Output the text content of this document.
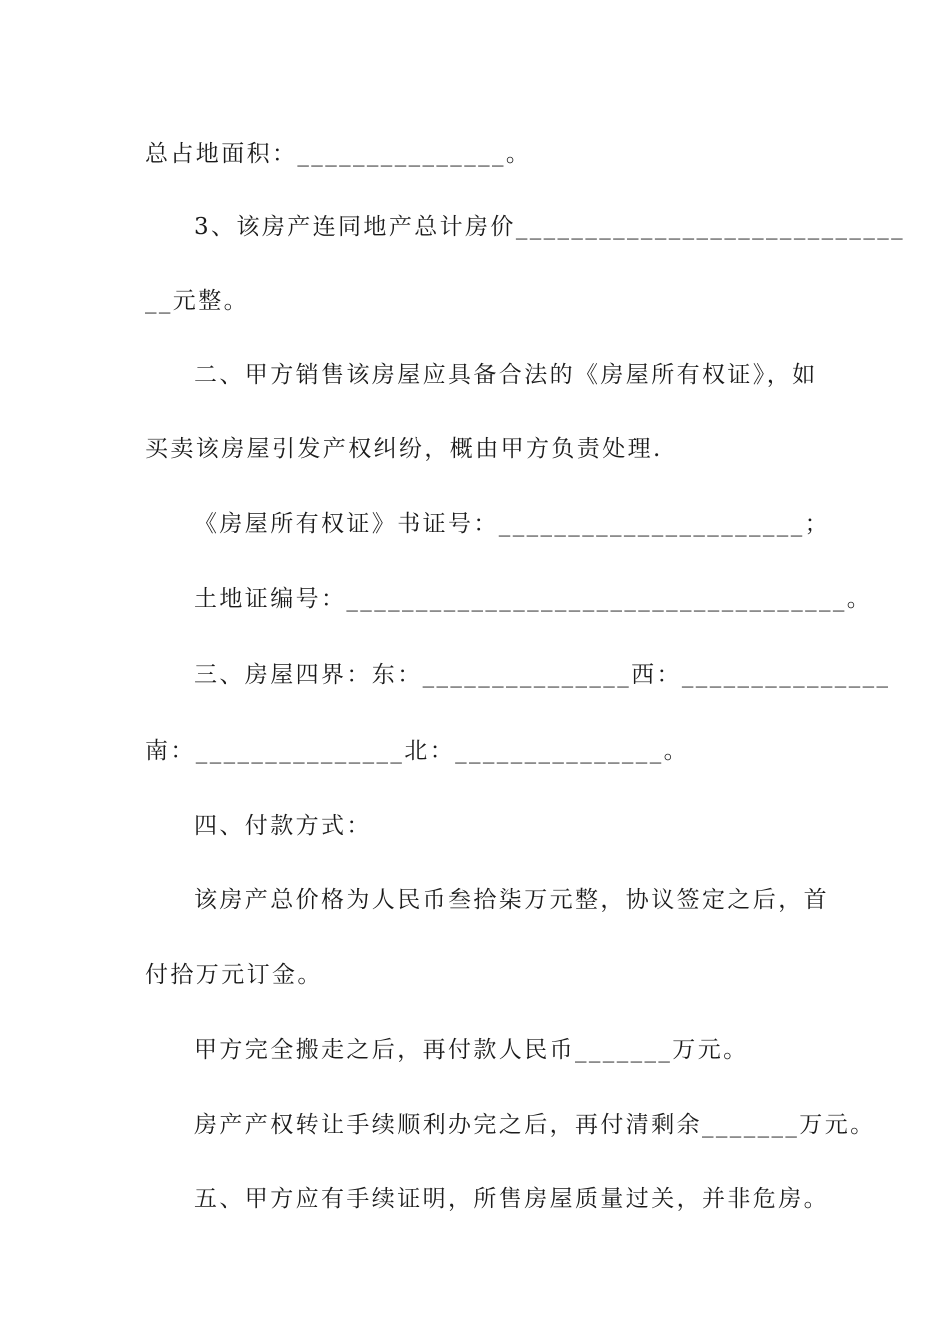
总占地面积：_______________。
3、该房产连同地产总计房价____________________________
__元整。
二、甲方销售该房屋应具备合法的《房屋所有权证》，如
买卖该房屋引发产权纠纷，概由甲方负责处理.
《房屋所有权证》书证号：______________________；
土地证编号：____________________________________。
三、房屋四界：东：_______________西：_______________
南：_______________北：_______________。
四、付款方式：
该房产总价格为人民币叁拾柒万元整，协议签定之后，首
付拾万元订金。
甲方完全搬走之后，再付款人民币_______万元。
房产产权转让手续顺利办完之后，再付清剩余_______万元。
五、甲方应有手续证明，所售房屋质量过关，并非危房。
